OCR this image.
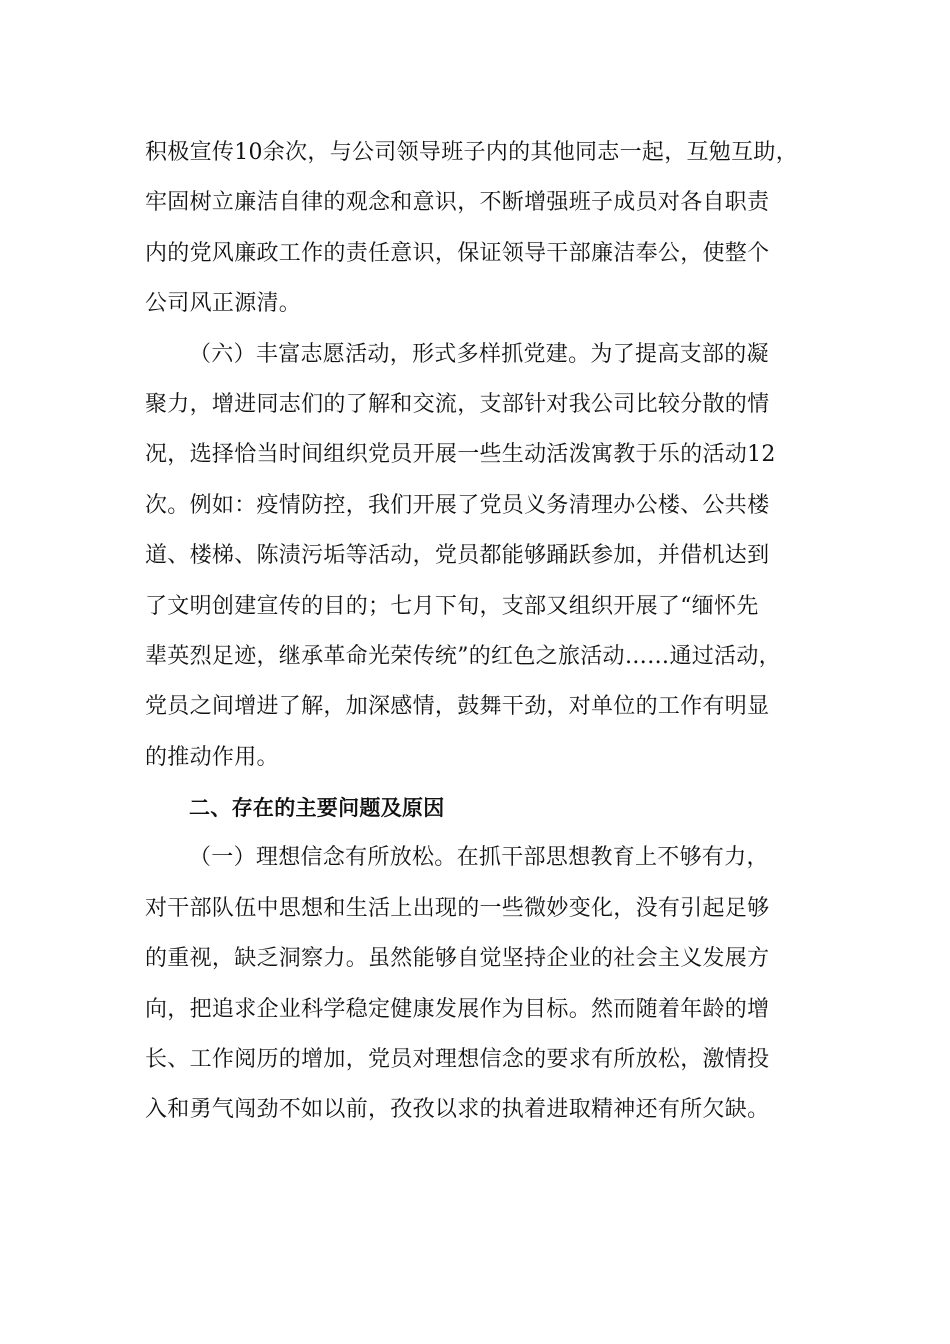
积极宣传10余次，与公司领导班子内的其他同志一起，互勉互助，
牢固树立廉洁自律的观念和意识，不断增强班子成员对各自职责
内的党风廉政工作的责任意识，保证领导干部廉洁奉公，使整个
公司风正源清。
（六）丰富志愿活动，形式多样抓党建。为了提高支部的凝
聚力，增进同志们的了解和交流，支部针对我公司比较分散的情
况，选择恰当时间组织党员开展一些生动活泼寓教于乐的活动12
次。例如：疫情防控，我们开展了党员义务清理办公楼、公共楼
道、楼梯、陈渍污垢等活动，党员都能够踊跃参加，并借机达到
了文明创建宣传的目的；七月下旬，支部又组织开展了“缅怀先
辈英烈足迹，继承革命光荣传统”的红色之旅活动……通过活动，
党员之间增进了解，加深感情，鼓舞干劲，对单位的工作有明显
的推动作用。
二、存在的主要问题及原因
（一）理想信念有所放松。在抓干部思想教育上不够有力，
对干部队伍中思想和生活上出现的一些微妙变化，没有引起足够
的重视，缺乏洞察力。虽然能够自觉坚持企业的社会主义发展方
向，把追求企业科学稳定健康发展作为目标。然而随着年龄的增
长、工作阅历的增加，党员对理想信念的要求有所放松，激情投
入和勇气闯劲不如以前，孜孜以求的执着进取精神还有所欠缺。
